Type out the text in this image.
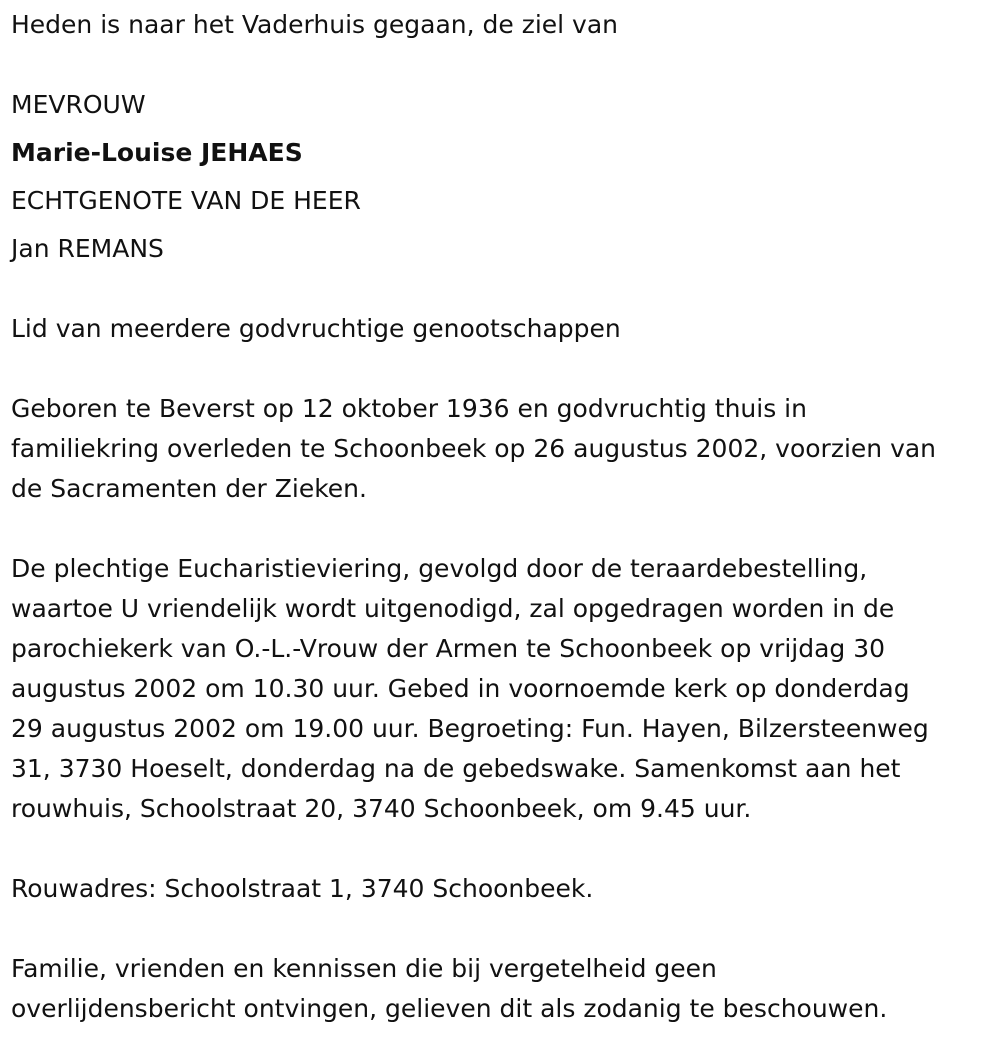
Heden is naar het Vaderhuis gegaan, de ziel van
MEVROUW
Marie-Louise JEHAES
ECHTGENOTE VAN DE HEER
Jan REMANS
Lid van meerdere godvruchtige genootschappen
Geboren te Beverst op 12 oktober 1936 en godvruchtig thuis in
familiekring overleden te Schoonbeek op 26 augustus 2002, voorzien van
de Sacramenten der Zieken.
De plechtige Eucharistieviering, gevolgd door de teraardebestelling,
waartoe U vriendelijk wordt uitgenodigd, zal opgedragen worden in de
parochiekerk van O.-L.-Vrouw der Armen te Schoonbeek op vrijdag 30
augustus 2002 om 10.30 uur. Gebed in voornoemde kerk op donderdag
29 augustus 2002 om 19.00 uur. Begroeting: Fun. Hayen, Bilzersteenweg
31, 3730 Hoeselt, donderdag na de gebedswake. Samenkomst aan het
rouwhuis, Schoolstraat 20, 3740 Schoonbeek, om 9.45 uur.
Rouwadres: Schoolstraat 1, 3740 Schoonbeek.
Familie, vrienden en kennissen die bij vergetelheid geen
overlijdensbericht ontvingen, gelieven dit als zodanig te beschouwen.
